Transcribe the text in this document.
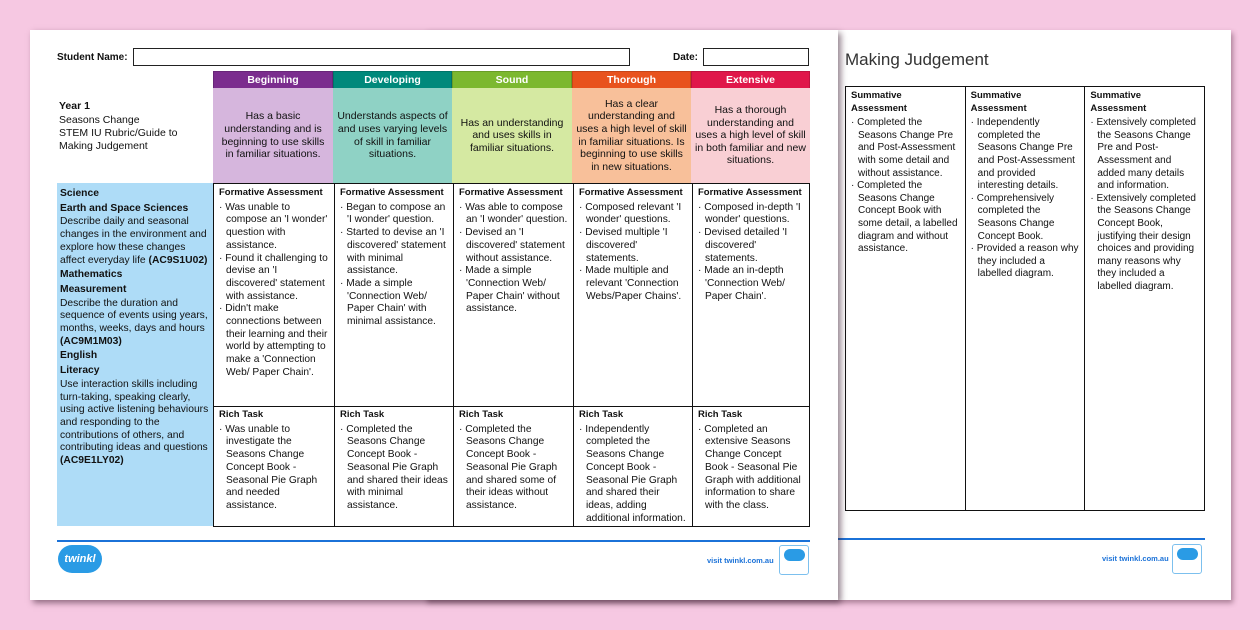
Making Judgement
Summative Assessment
· Completed the Seasons Change Pre and Post-Assessment with some detail and without assistance.
· Completed the Seasons Change Concept Book with some detail, a labelled diagram and without assistance.
Summative Assessment
· Independently completed the Seasons Change Pre and Post-Assessment and provided interesting details.
· Comprehensively completed the Seasons Change Concept Book.
· Provided a reason why they included a labelled diagram.
Summative Assessment
· Extensively completed the Seasons Change Pre and Post-Assessment and added many details and information.
· Extensively completed the Seasons Change Concept Book, justifying their design choices and providing many reasons why they included a labelled diagram.
visit twinkl.com.au
Student Name:	Date:
Year 1
Seasons Change
STEM IU Rubric/Guide to Making Judgement
Beginning
Has a basic understanding and is beginning to use skills in familiar situations.
Developing
Understands aspects of and uses varying levels of skill in familiar situations.
Sound
Has an understanding and uses skills in familiar situations.
Thorough
Has a clear understanding and uses a high level of skill in familiar situations. Is beginning to use skills in new situations.
Extensive
Has a thorough understanding and uses a high level of skill in both familiar and new situations.
Science
Earth and Space Sciences
Describe daily and seasonal changes in the environment and explore how these changes affect everyday life (AC9S1U02)
Mathematics
Measurement
Describe the duration and sequence of events using years, months, weeks, days and hours (AC9M1M03)
English
Literacy
Use interaction skills including turn-taking, speaking clearly, using active listening behaviours and responding to the contributions of others, and contributing ideas and questions (AC9E1LY02)
Formative Assessment
· Was unable to compose an 'I wonder' question with assistance.
· Found it challenging to devise an 'I discovered' statement with assistance.
· Didn't make connections between their learning and their world by attempting to make a 'Connection Web/ Paper Chain'.
Rich Task
· Was unable to investigate the Seasons Change Concept Book - Seasonal Pie Graph and needed assistance.
Formative Assessment
· Began to compose an 'I wonder' question.
· Started to devise an 'I discovered' statement with minimal assistance.
· Made a simple 'Connection Web/ Paper Chain' with minimal assistance.
Rich Task
· Completed the Seasons Change Concept Book - Seasonal Pie Graph and shared their ideas with minimal assistance.
Formative Assessment
· Was able to compose an 'I wonder' question.
· Devised an 'I discovered' statement without assistance.
· Made a simple 'Connection Web/ Paper Chain' without assistance.
Rich Task
· Completed the Seasons Change Concept Book - Seasonal Pie Graph and shared some of their ideas without assistance.
Formative Assessment
· Composed relevant 'I wonder' questions.
· Devised multiple 'I discovered' statements.
· Made multiple and relevant 'Connection Webs/Paper Chains'.
Rich Task
· Independently completed the Seasons Change Concept Book - Seasonal Pie Graph and shared their ideas, adding additional information.
Formative Assessment
· Composed in-depth 'I wonder' questions.
· Devised detailed 'I discovered' statements.
· Made an in-depth 'Connection Web/ Paper Chain'.
Rich Task
· Completed an extensive Seasons Change Concept Book - Seasonal Pie Graph with additional information to share with the class.
twinkl	visit twinkl.com.au
